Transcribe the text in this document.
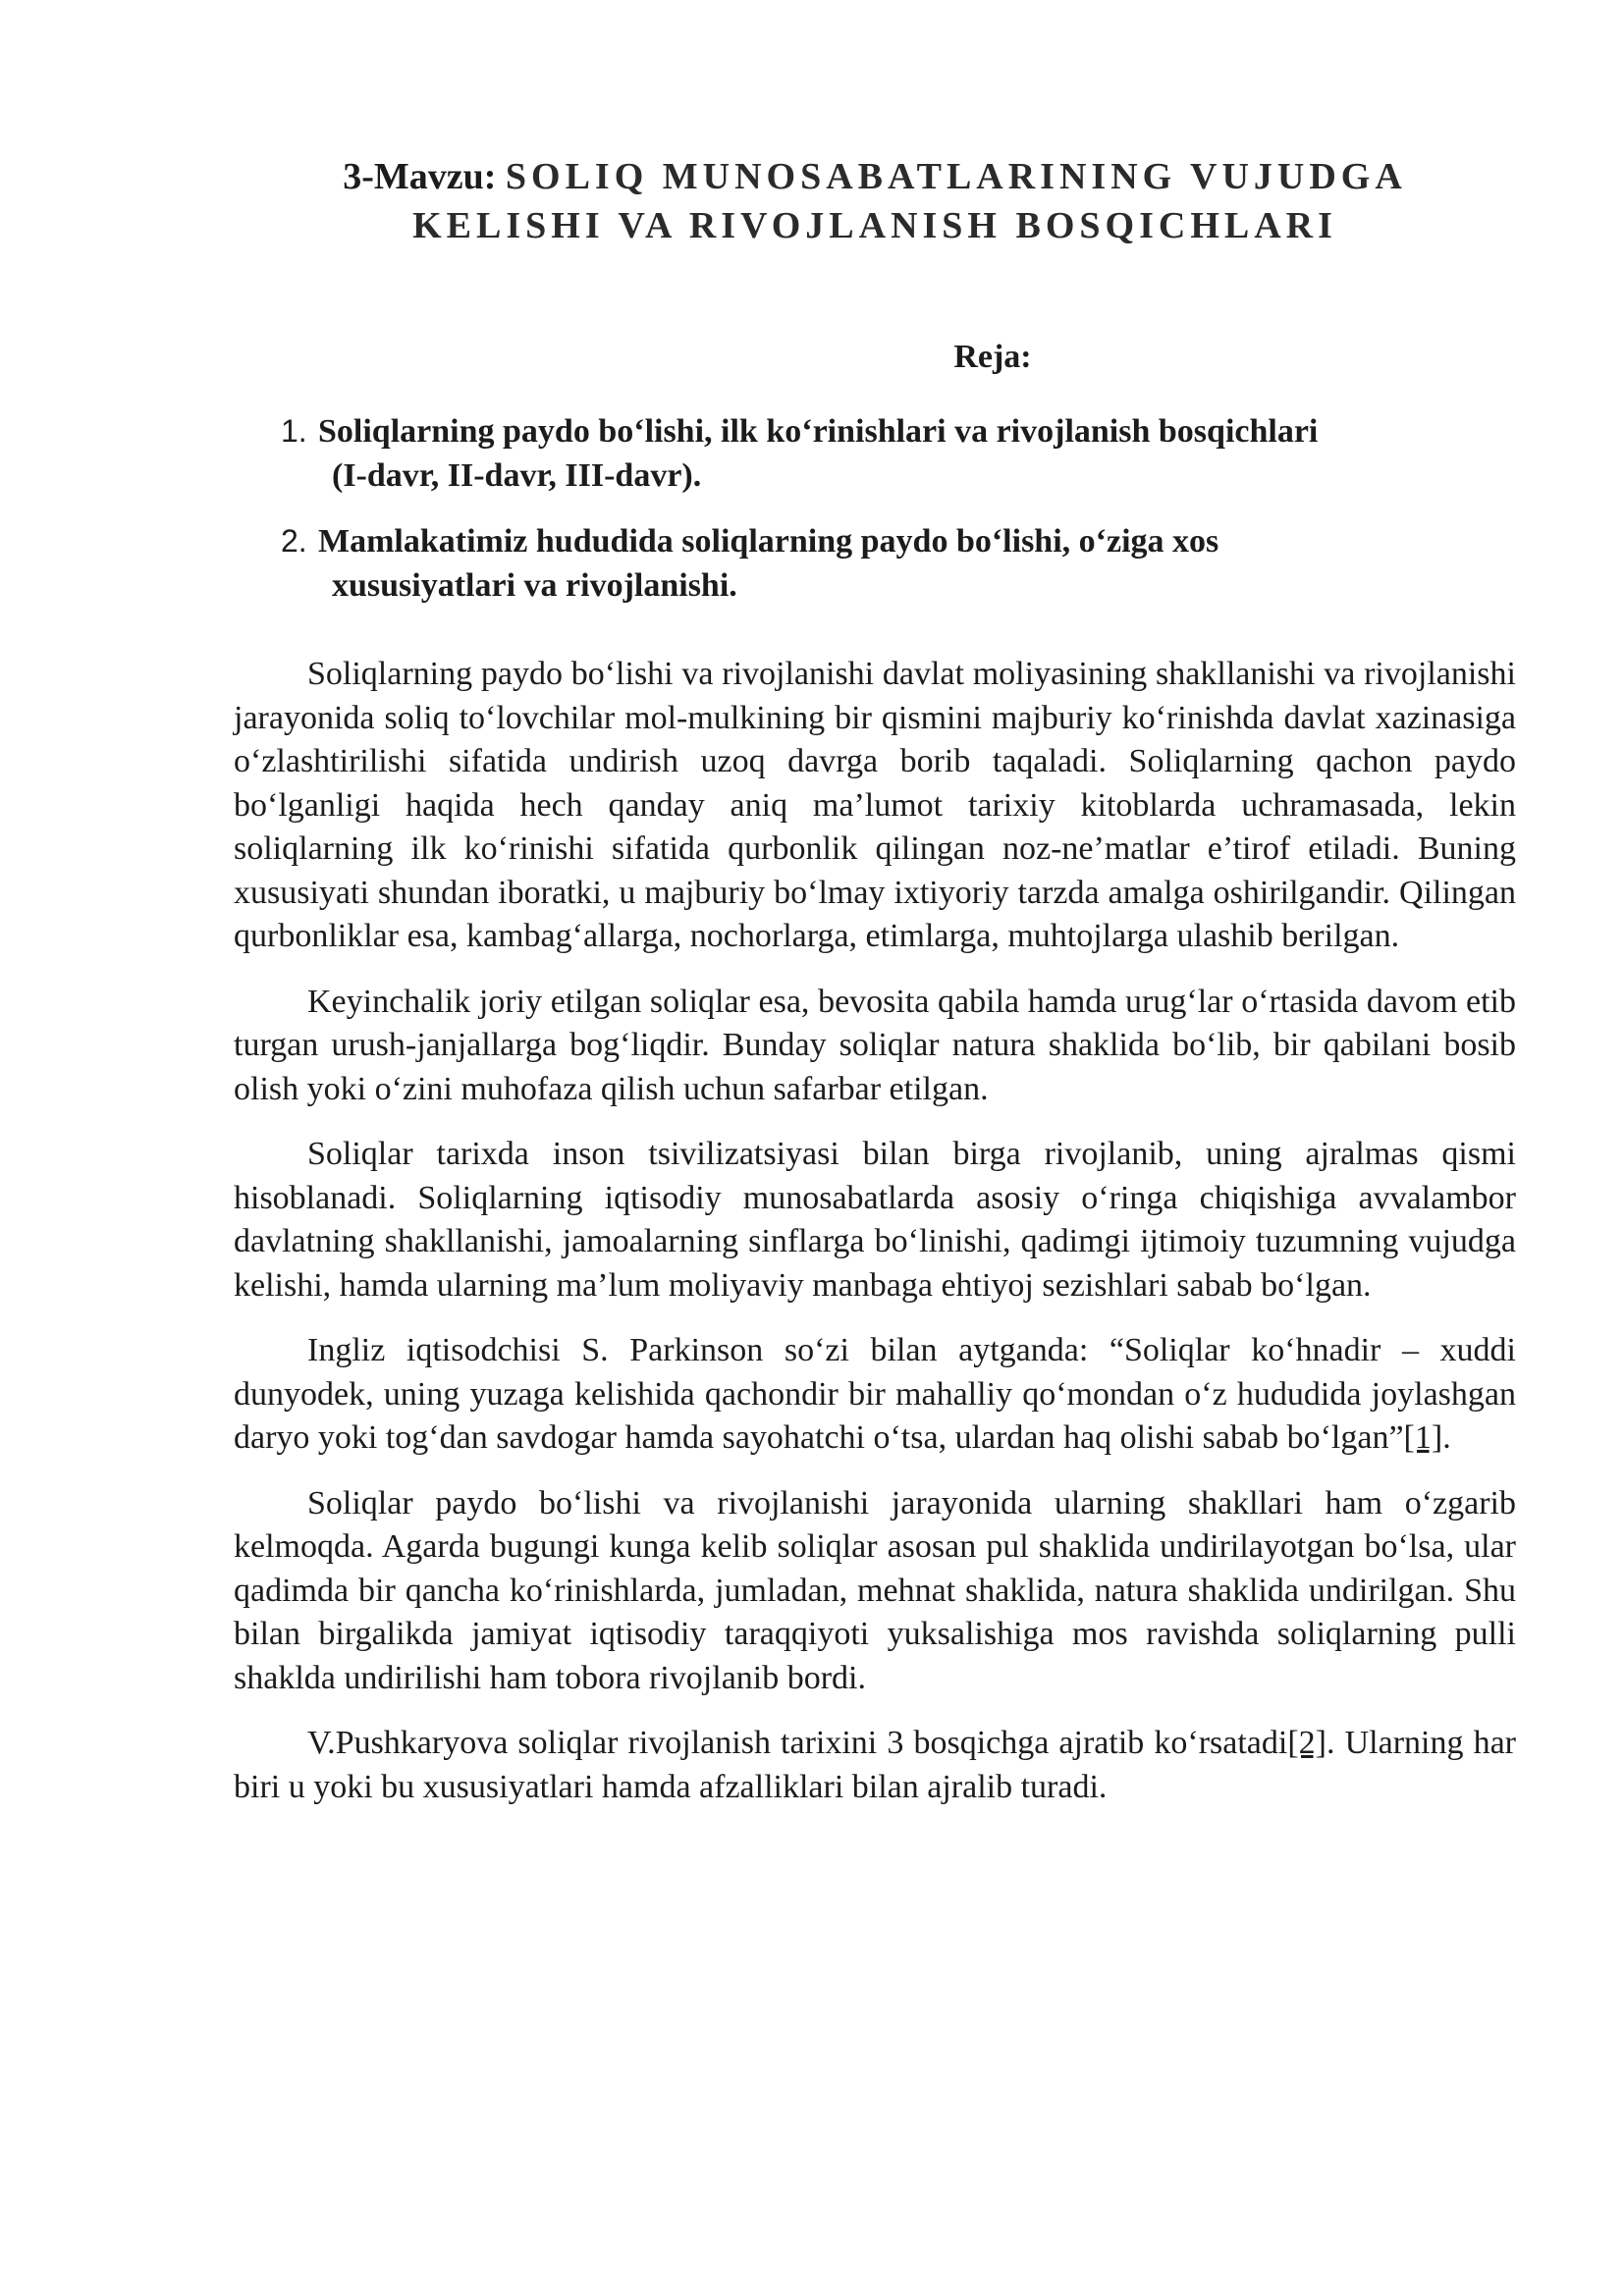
3-Mavzu: SOLIQ MUNOSABATLARINING VUJUDGA
KELISHI VA RIVOJLANISH BOSQICHLARI

Reja:

1. Soliqlarning paydo bo‘lishi, ilk ko‘rinishlari va rivojlanish bosqichlari
(I-davr, II-davr, III-davr).
2. Mamlakatimiz hududida soliqlarning paydo bo‘lishi, o‘ziga xos
xususiyatlari va rivojlanishi.

Soliqlarning paydo bo‘lishi va rivojlanishi davlat moliyasining shakllanishi va rivojlanishi jarayonida soliq to‘lovchilar mol-mulkining bir qismini majburiy ko‘rinishda davlat xazinasiga o‘zlashtirilishi sifatida undirish uzoq davrga borib taqaladi. Soliqlarning qachon paydo bo‘lganligi haqida hech qanday aniq ma’lumot tarixiy kitoblarda uchramasada, lekin soliqlarning ilk ko‘rinishi sifatida qurbonlik qilingan noz-ne’matlar e’tirof etiladi. Buning xususiyati shundan iboratki, u majburiy bo‘lmay ixtiyoriy tarzda amalga oshirilgandir. Qilingan qurbonliklar esa, kambag‘allarga, nochorlarga, etimlarga, muhtojlarga ulashib berilgan.

Keyinchalik joriy etilgan soliqlar esa, bevosita qabila hamda urug‘lar o‘rtasida davom etib turgan urush-janjallarga bog‘liqdir. Bunday soliqlar natura shaklida bo‘lib, bir qabilani bosib olish yoki o‘zini muhofaza qilish uchun safarbar etilgan.

Soliqlar tarixda inson tsivilizatsiyasi bilan birga rivojlanib, uning ajralmas qismi hisoblanadi. Soliqlarning iqtisodiy munosabatlarda asosiy o‘ringa chiqishiga avvalambor davlatning shakllanishi, jamoalarning sinflarga bo‘linishi, qadimgi ijtimoiy tuzumning vujudga kelishi, hamda ularning ma’lum moliyaviy manbaga ehtiyoj sezishlari sabab bo‘lgan.

Ingliz iqtisodchisi S. Parkinson so‘zi bilan aytganda: “Soliqlar ko‘hnadir – xuddi dunyodek, uning yuzaga kelishida qachondir bir mahalliy qo‘mondan o‘z hududida joylashgan daryo yoki tog‘dan savdogar hamda sayohatchi o‘tsa, ulardan haq olishi sabab bo‘lgan”[1].

Soliqlar paydo bo‘lishi va rivojlanishi jarayonida ularning shakllari ham o‘zgarib kelmoqda. Agarda bugungi kunga kelib soliqlar asosan pul shaklida undirilayotgan bo‘lsa, ular qadimda bir qancha ko‘rinishlarda, jumladan, mehnat shaklida, natura shaklida undirilgan. Shu bilan birgalikda jamiyat iqtisodiy taraqqiyoti yuksalishiga mos ravishda soliqlarning pulli shaklda undirilishi ham tobora rivojlanib bordi.

V.Pushkaryova soliqlar rivojlanish tarixini 3 bosqichga ajratib ko‘rsatadi[2]. Ularning har biri u yoki bu xususiyatlari hamda afzalliklari bilan ajralib turadi.
